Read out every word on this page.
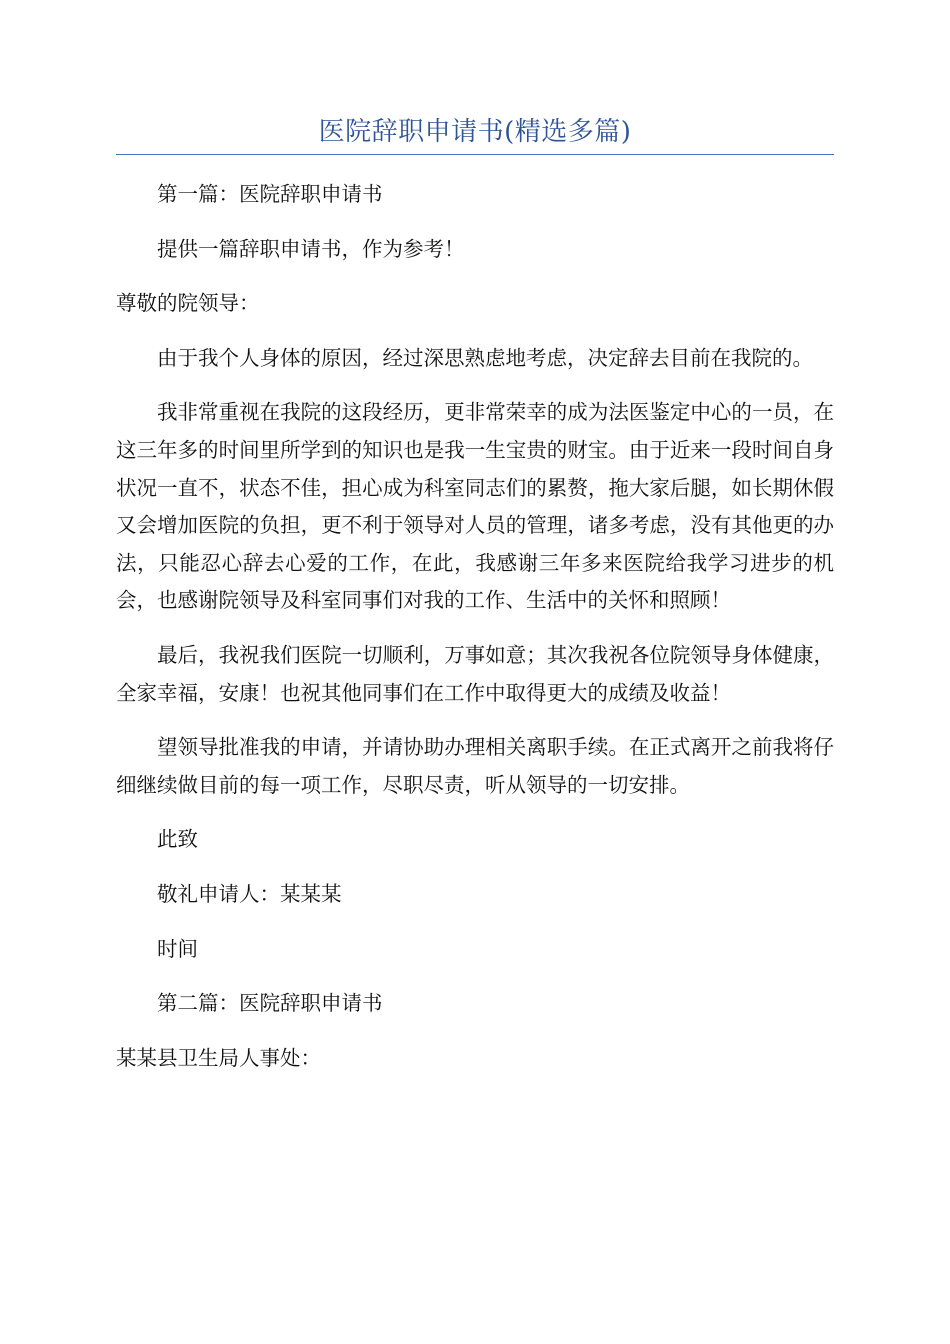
医院辞职申请书(精选多篇)

第一篇：医院辞职申请书

提供一篇辞职申请书，作为参考！

尊敬的院领导：

由于我个人身体的原因，经过深思熟虑地考虑，决定辞去目前在我院的。

我非常重视在我院的这段经历，更非常荣幸的成为法医鉴定中心的一员，在这三年多的时间里所学到的知识也是我一生宝贵的财宝。由于近来一段时间自身状况一直不，状态不佳，担心成为科室同志们的累赘，拖大家后腿，如长期休假又会增加医院的负担，更不利于领导对人员的管理，诸多考虑，没有其他更的办法，只能忍心辞去心爱的工作，在此，我感谢三年多来医院给我学习进步的机会，也感谢院领导及科室同事们对我的工作、生活中的关怀和照顾！

最后，我祝我们医院一切顺利，万事如意；其次我祝各位院领导身体健康，全家幸福，安康！也祝其他同事们在工作中取得更大的成绩及收益！

望领导批准我的申请，并请协助办理相关离职手续。在正式离开之前我将仔细继续做目前的每一项工作，尽职尽责，听从领导的一切安排。

此致

敬礼申请人：某某某

时间

第二篇：医院辞职申请书

某某县卫生局人事处：
